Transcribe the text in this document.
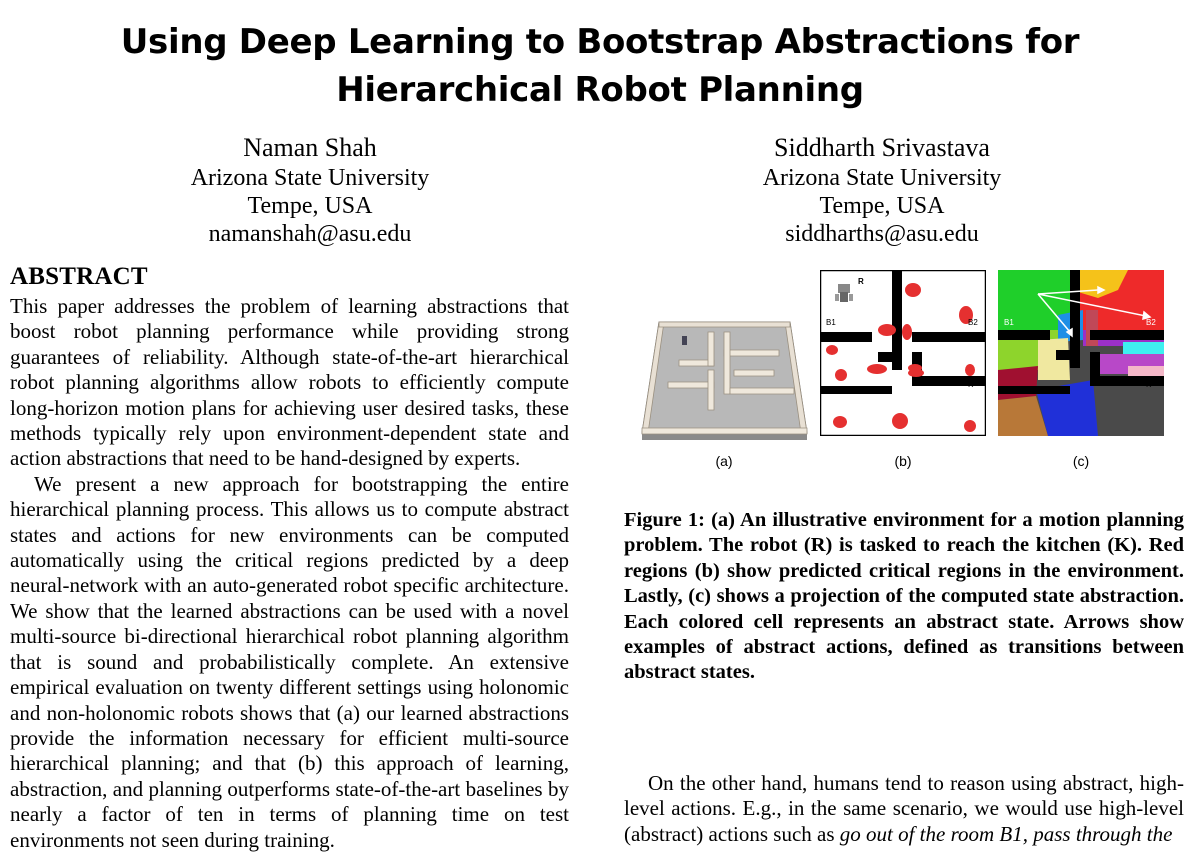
Using Deep Learning to Bootstrap Abstractions for
Hierarchical Robot Planning
Naman Shah
Arizona State University
Tempe, USA
namanshah@asu.edu
Siddharth Srivastava
Arizona State University
Tempe, USA
siddharths@asu.edu
ABSTRACT

This paper addresses the problem of learning abstractions that boost robot planning performance while providing strong guarantees of reliability. Although state-of-the-art hierarchical robot planning algorithms allow robots to efficiently compute long-horizon motion plans for achieving user desired tasks, these methods typically rely upon environment-dependent state and action abstractions that need to be hand-designed by experts.

We present a new approach for bootstrapping the entire hierarchical planning process. This allows us to compute abstract states and actions for new environments can be computed automatically using the critical regions predicted by a deep neural-network with an auto-generated robot specific architecture. We show that the learned abstractions can be used with a novel multi-source bi-directional hierarchical robot planning algorithm that is sound and probabilistically complete. An extensive empirical evaluation on twenty different settings using holonomic and non-holonomic robots shows that (a) our learned abstractions provide the information necessary for efficient multi-source hierarchical planning; and that (b) this approach of learning, abstraction, and planning outperforms state-of-the-art baselines by nearly a factor of ten in terms of planning time on test environments not seen during training.

R
B1	B2
K
B1	B2
K
(a)	(b)	(c)
Figure 1: (a) An illustrative environment for a motion planning problem. The robot (R) is tasked to reach the kitchen (K). Red regions (b) show predicted critical regions in the environment. Lastly, (c) shows a projection of the computed state abstraction. Each colored cell represents an abstract state. Arrows show examples of abstract actions, defined as transitions between abstract states.
On the other hand, humans tend to reason using abstract, high-level actions. E.g., in the same scenario, we would use high-level (abstract) actions such as go out of the room B1, pass through the
